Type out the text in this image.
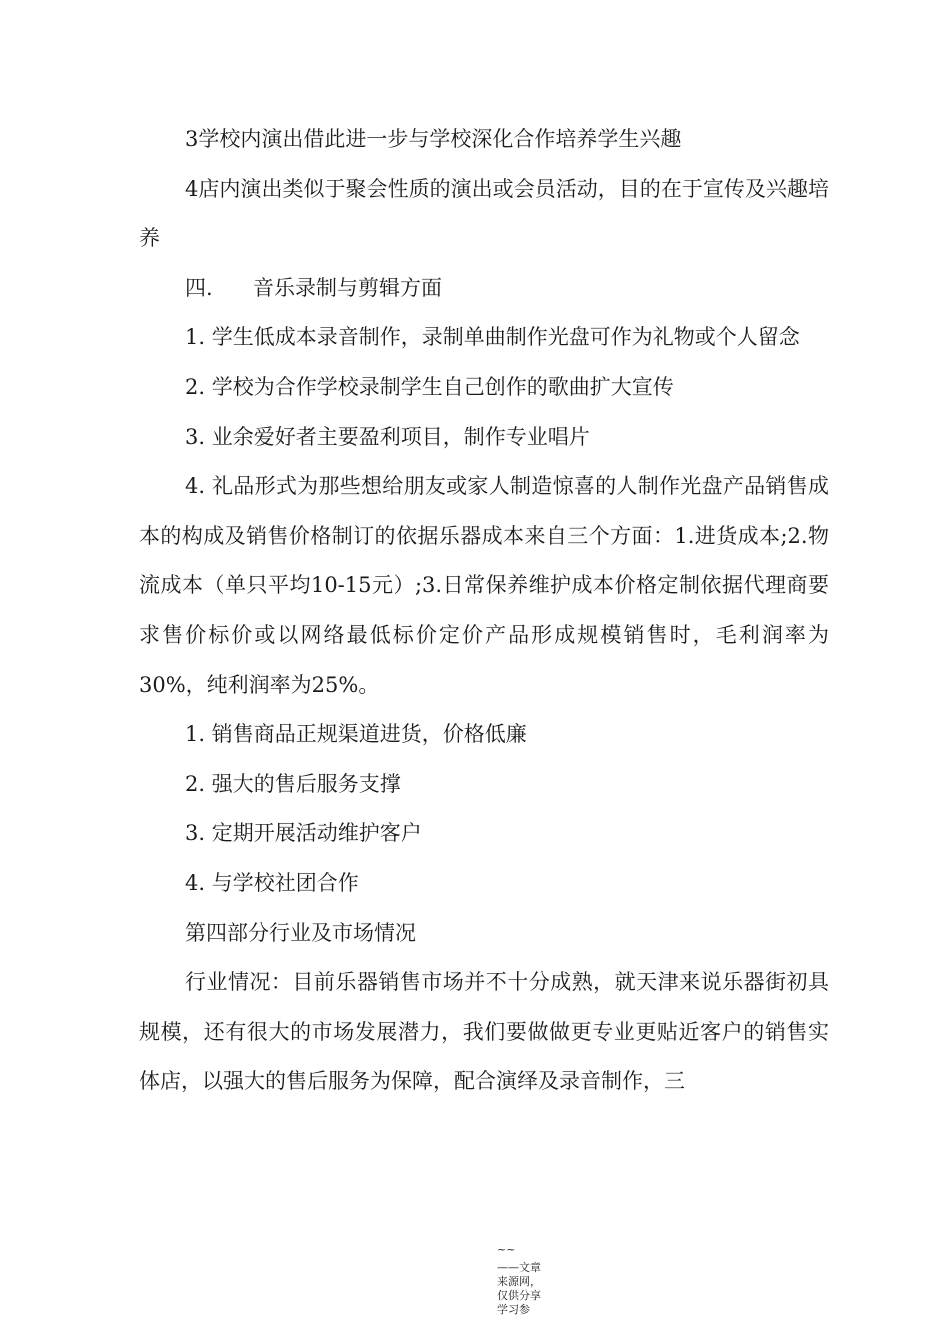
3学校内演出借此进一步与学校深化合作培养学生兴趣

4店内演出类似于聚会性质的演出或会员活动，目的在于宣传及兴趣培养

四. 音乐录制与剪辑方面

1. 学生低成本录音制作，录制单曲制作光盘可作为礼物或个人留念

2. 学校为合作学校录制学生自己创作的歌曲扩大宣传

3. 业余爱好者主要盈利项目，制作专业唱片

4. 礼品形式为那些想给朋友或家人制造惊喜的人制作光盘产品销售成本的构成及销售价格制订的依据乐器成本来自三个方面：1.进货成本;2.物流成本（单只平均10-15元）;3.日常保养维护成本价格定制依据代理商要求售价标价或以网络最低标价定价产品形成规模销售时，毛利润率为30%，纯利润率为25%。

1. 销售商品正规渠道进货，价格低廉

2. 强大的售后服务支撑

3. 定期开展活动维护客户

4. 与学校社团合作

第四部分行业及市场情况

行业情况：目前乐器销售市场并不十分成熟，就天津来说乐器街初具规模，还有很大的市场发展潜力，我们要做做更专业更贴近客户的销售实体店，以强大的售后服务为保障，配合演绎及录音制作，三

~~
——文章来源网，仅供分享学习参
